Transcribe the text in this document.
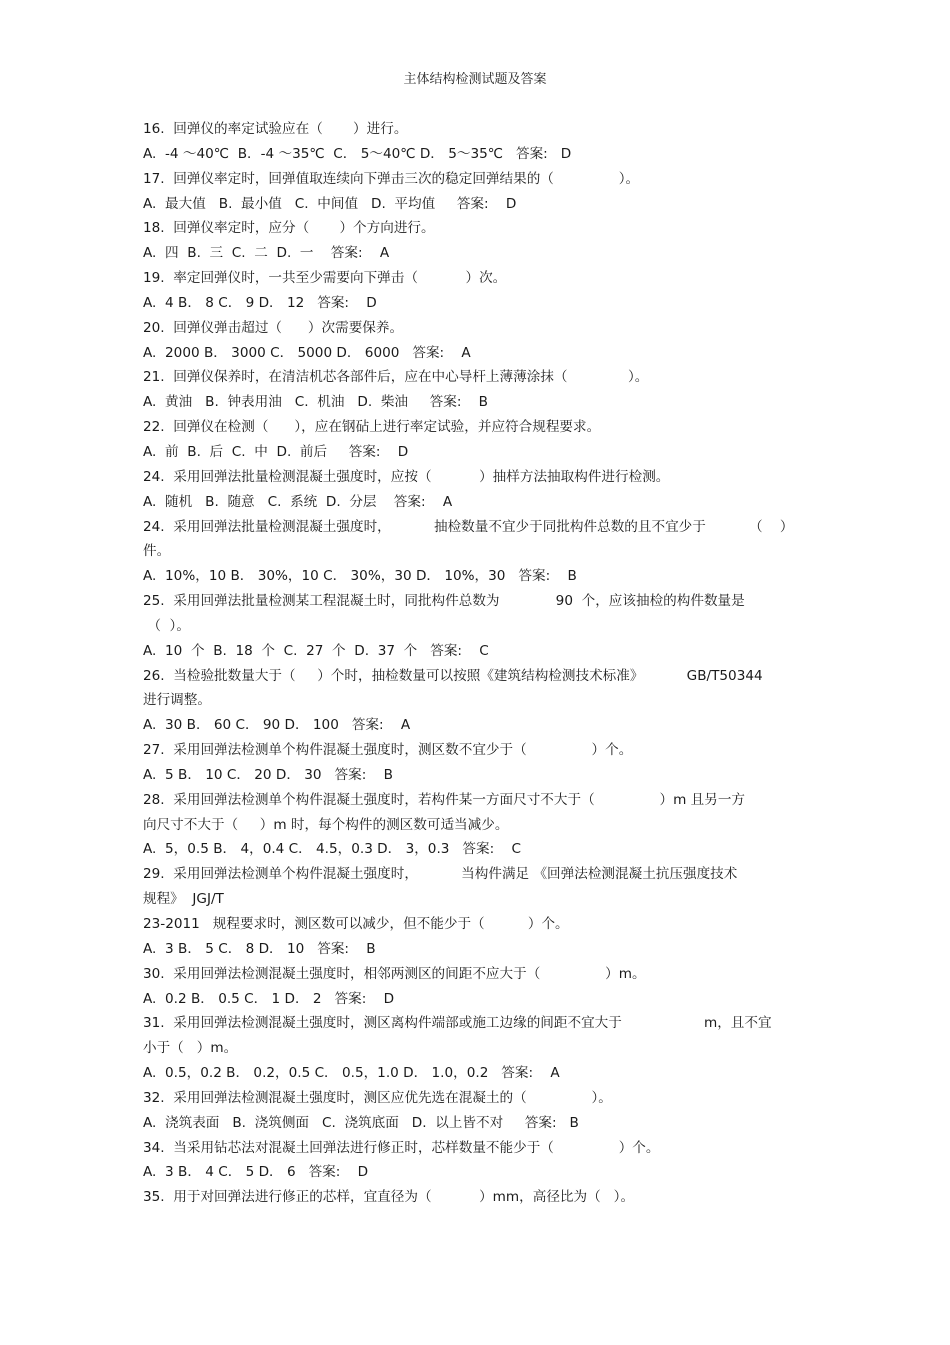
主体结构检测试题及答案
16.  回弹仪的率定试验应在（       ）进行。
A.  -4 ～40℃  B．-4 ～35℃  C． 5～40℃ D． 5～35℃   答案:   D
17.  回弹仪率定时，回弹值取连续向下弹击三次的稳定回弹结果的（               ）。
A.  最大值   B.  最小值   C.  中间值   D.  平均值     答案:    D
18.  回弹仪率定时，应分（       ）个方向进行。
A.  四  B.  三  C.  二  D.  一    答案:    A
19.  率定回弹仪时，一共至少需要向下弹击（           ）次。
A.  4 B． 8 C． 9 D． 12   答案:    D
20.  回弹仪弹击超过（      ）次需要保养。
A.  2000 B． 3000 C． 5000 D． 6000   答案:    A
21.  回弹仪保养时，在清洁机芯各部件后，应在中心导杆上薄薄涂抹（              ）。
A.  黄油   B.  钟表用油   C.  机油   D.  柴油     答案:    B
22.  回弹仪在检测（      ），应在钢砧上进行率定试验，并应符合规程要求。
A.  前  B.  后  C.  中  D.  前后     答案:    D
24.  采用回弹法批量检测混凝土强度时，应按（           ）抽样方法抽取构件进行检测。
A.  随机   B.  随意   C.  系统  D.  分层    答案:    A
24.  采用回弹法批量检测混凝土强度时，          抽检数量不宜少于同批构件总数的且不宜少于          （    ）
件。
A.  10%，10 B． 30%，10 C． 30%，30 D． 10%，30   答案:    B
25.  采用回弹法批量检测某工程混凝土时，同批构件总数为             90  个，应该抽检的构件数量是
（  ）。
A.  10  个  B.  18  个  C.  27  个  D.  37  个   答案:    C
26.  当检验批数量大于（     ）个时，抽检数量可以按照《建筑结构检测技术标准》          GB/T50344
进行调整。
A.  30 B． 60 C． 90 D． 100   答案:    A
27.  采用回弹法检测单个构件混凝土强度时，测区数不宜少于（               ）个。
A.  5 B． 10 C． 20 D． 30   答案:    B
28.  采用回弹法检测单个构件混凝土强度时，若构件某一方面尺寸不大于（               ）m 且另一方
向尺寸不大于（     ）m 时，每个构件的测区数可适当减少。
A.  5，0.5 B． 4，0.4 C． 4.5，0.3 D． 3，0.3   答案:    C
29.  采用回弹法检测单个构件混凝土强度时，          当构件满足 《回弹法检测混凝土抗压强度技术
规程》  JGJ/T
23-2011   规程要求时，测区数可以减少，但不能少于（          ）个。
A.  3 B． 5 C． 8 D． 10   答案:    B
30.  采用回弹法检测混凝土强度时，相邻两测区的间距不应大于（               ）m。
A.  0.2 B． 0.5 C． 1 D． 2   答案:    D
31.  采用回弹法检测混凝土强度时，测区离构件端部或施工边缘的间距不宜大于                   m，且不宜
小于（   ）m。
A.  0.5，0.2 B． 0.2，0.5 C． 0.5，1.0 D． 1.0，0.2   答案:    A
32.  采用回弹法检测混凝土强度时，测区应优先选在混凝土的（               ）。
A.  浇筑表面   B.  浇筑侧面   C.  浇筑底面   D.  以上皆不对     答案:   B
34.  当采用钻芯法对混凝土回弹法进行修正时，芯样数量不能少于（               ）个。
A.  3 B． 4 C． 5 D． 6   答案:    D
35.  用于对回弹法进行修正的芯样，宜直径为（           ）mm，高径比为（   ）。
